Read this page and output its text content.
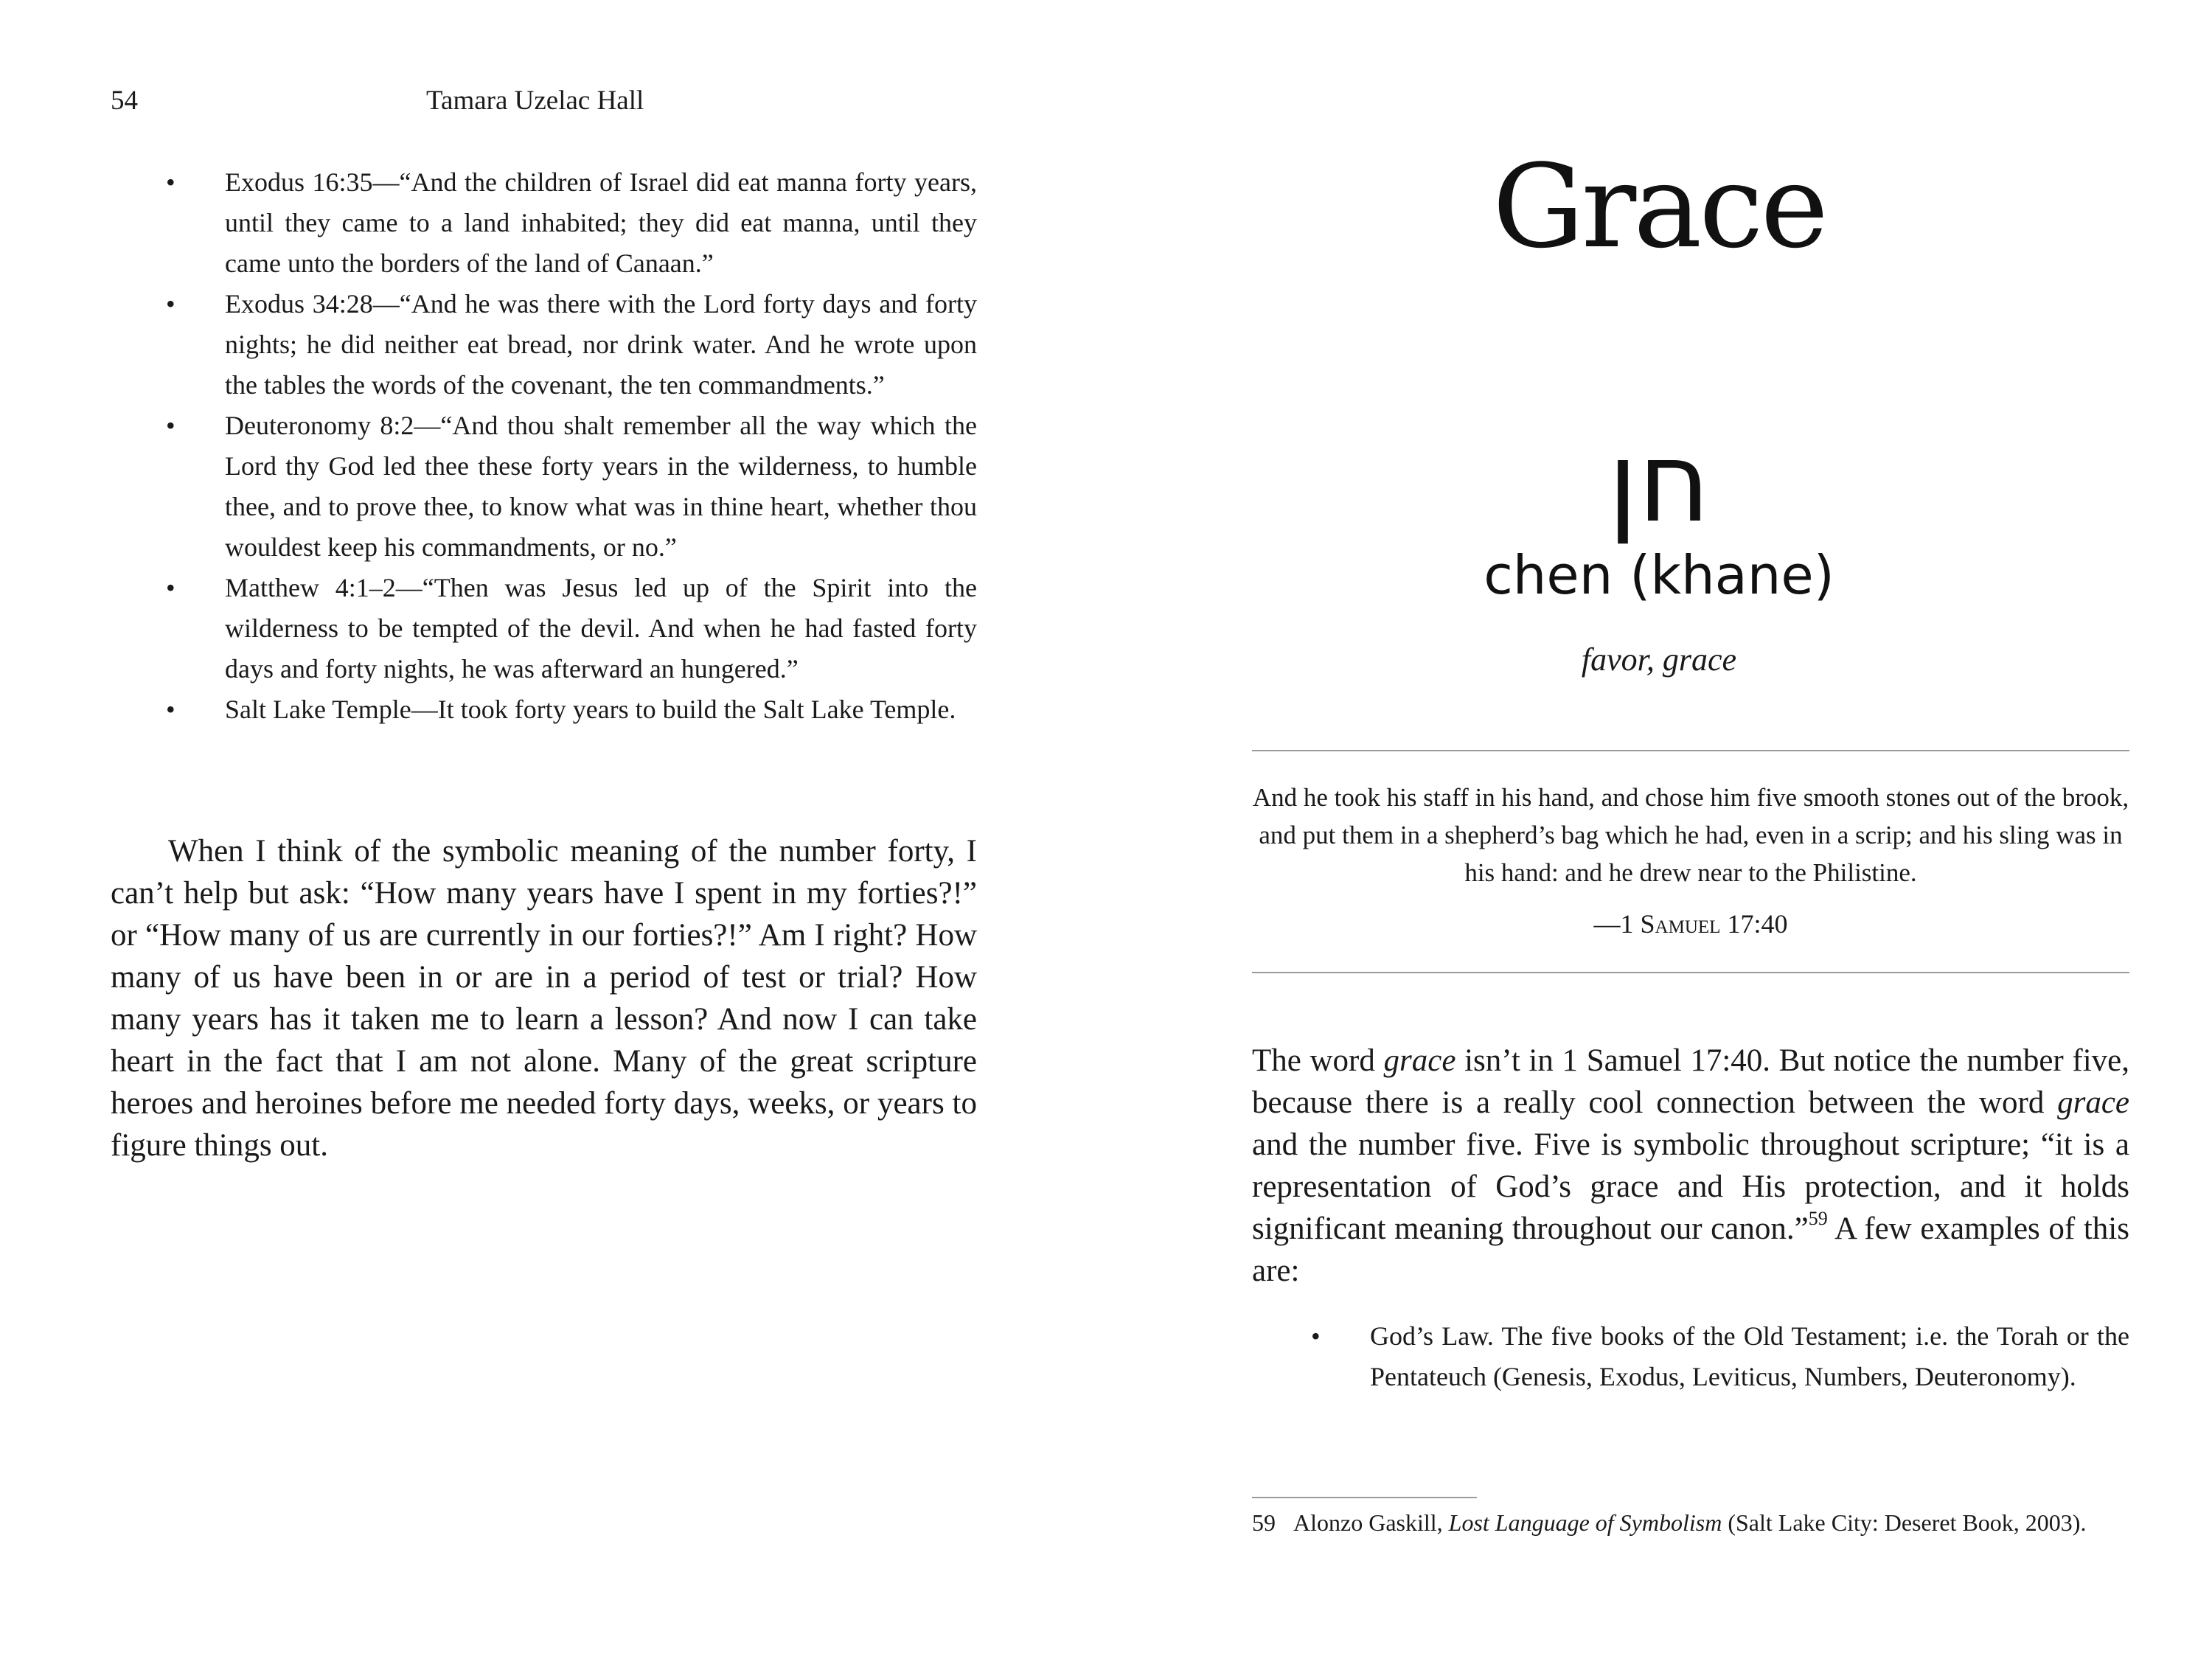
54	Tamara Uzelac Hall
• Exodus 16:35—“And the children of Israel did eat manna forty years, until they came to a land inhabited; they did eat manna, until they came unto the borders of the land of Canaan.”
• Exodus 34:28—“And he was there with the Lord forty days and forty nights; he did neither eat bread, nor drink water. And he wrote upon the tables the words of the covenant, the ten commandments.”
• Deuteronomy 8:2—“And thou shalt remember all the way which the Lord thy God led thee these forty years in the wilderness, to humble thee, and to prove thee, to know what was in thine heart, whether thou wouldest keep his commandments, or no.”
• Matthew 4:1–2—“Then was Jesus led up of the Spirit into the wilderness to be tempted of the devil. And when he had fasted forty days and forty nights, he was afterward an hungered.”
• Salt Lake Temple—It took forty years to build the Salt Lake Temple.

When I think of the symbolic meaning of the number forty, I can’t help but ask: “How many years have I spent in my forties?!” or “How many of us are currently in our forties?!” Am I right? How many of us have been in or are in a period of test or trial? How many years has it taken me to learn a lesson? And now I can take heart in the fact that I am not alone. Many of the great scripture heroes and heroines before me needed forty days, weeks, or years to figure things out.

Grace
חן
chen (khane)
favor, grace

And he took his staff in his hand, and chose him five smooth stones out of the brook, and put them in a shepherd’s bag which he had, even in a scrip; and his sling was in his hand: and he drew near to the Philistine.

—1 Samuel 17:40

The word grace isn’t in 1 Samuel 17:40. But notice the number five, because there is a really cool connection between the word grace and the number five. Five is symbolic throughout scripture; “it is a representation of God’s grace and His protection, and it holds significant meaning throughout our canon.”$^{59}$ A few examples of this are:

• God’s Law. The five books of the Old Testament; i.e. the Torah or the Pentateuch (Genesis, Exodus, Leviticus, Numbers, Deuteronomy).

59 Alonzo Gaskill, Lost Language of Symbolism (Salt Lake City: Deseret Book, 2003).
